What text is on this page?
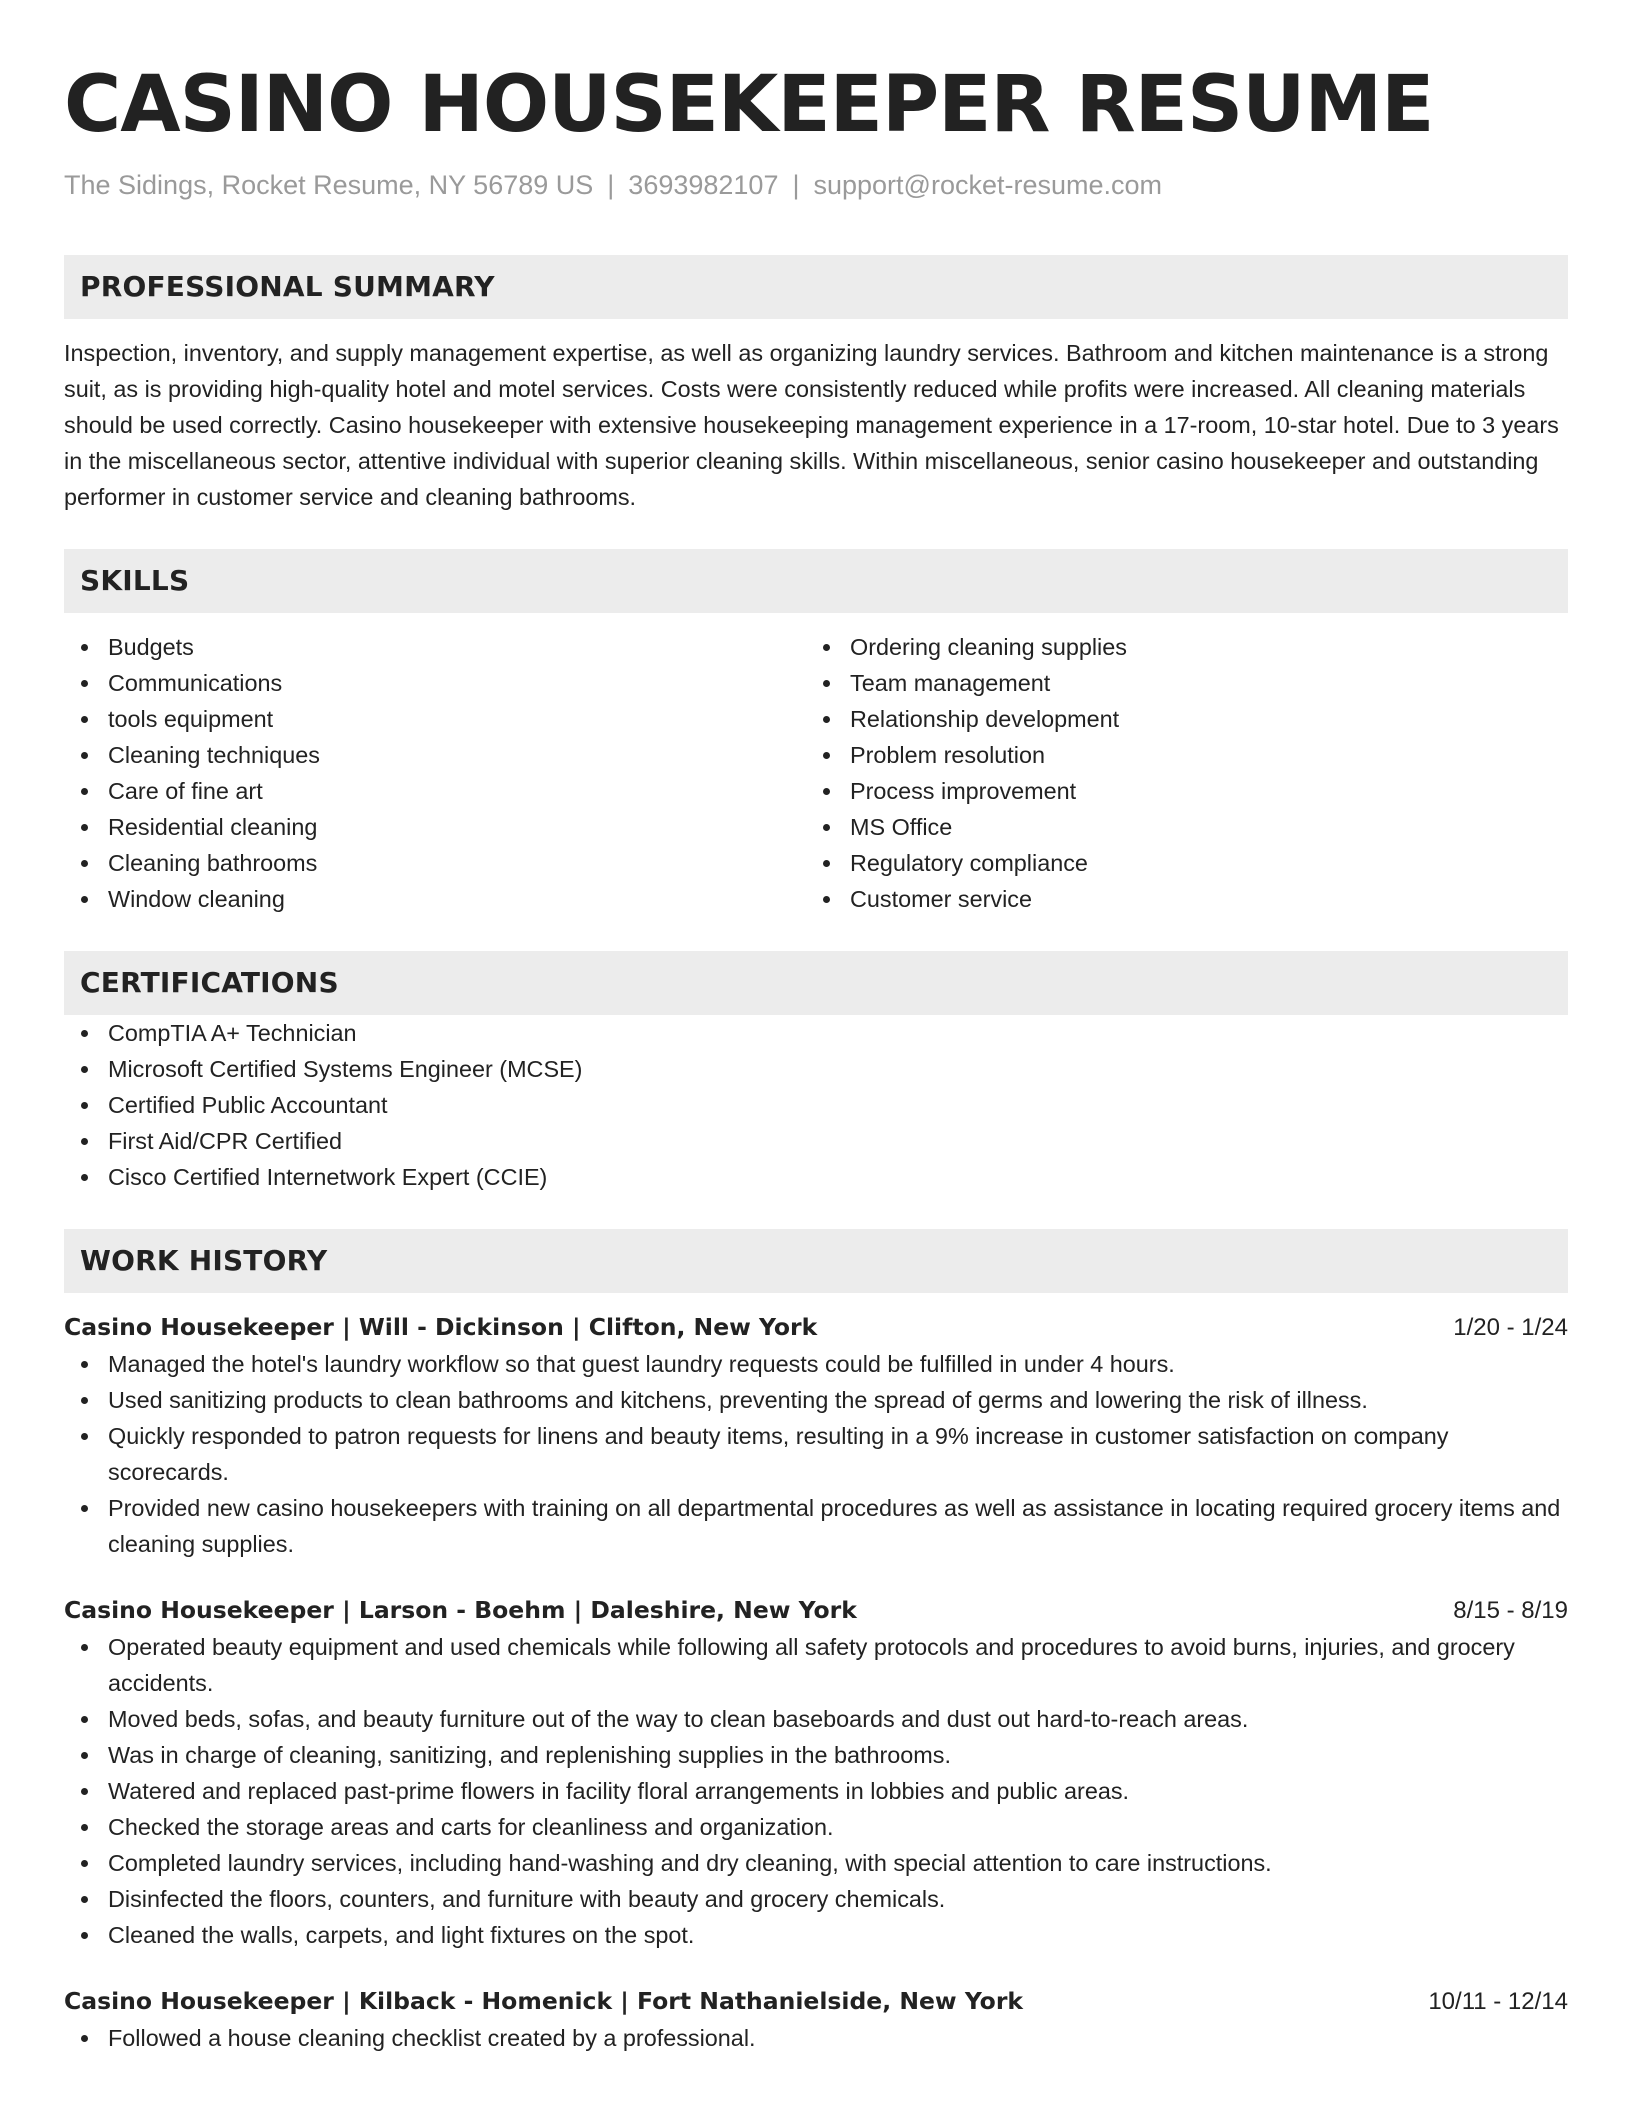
CASINO HOUSEKEEPER RESUME
The Sidings, Rocket Resume, NY 56789 US | 3693982107 | support@rocket-resume.com
PROFESSIONAL SUMMARY

Inspection, inventory, and supply management expertise, as well as organizing laundry services. Bathroom and kitchen maintenance is a strong suit, as is providing high-quality hotel and motel services. Costs were consistently reduced while profits were increased. All cleaning materials should be used correctly. Casino housekeeper with extensive housekeeping management experience in a 17-room, 10-star hotel. Due to 3 years in the miscellaneous sector, attentive individual with superior cleaning skills. Within miscellaneous, senior casino housekeeper and outstanding performer in customer service and cleaning bathrooms.

SKILLS
Budgets
Communications
tools equipment
Cleaning techniques
Care of fine art
Residential cleaning
Cleaning bathrooms
Window cleaning
Ordering cleaning supplies
Team management
Relationship development
Problem resolution
Process improvement
MS Office
Regulatory compliance
Customer service
CERTIFICATIONS
CompTIA A+ Technician
Microsoft Certified Systems Engineer (MCSE)
Certified Public Accountant
First Aid/CPR Certified
Cisco Certified Internetwork Expert (CCIE)
WORK HISTORY
Casino Housekeeper | Will - Dickinson | Clifton, New York	1/20 - 1/24
Managed the hotel's laundry workflow so that guest laundry requests could be fulfilled in under 4 hours.
Used sanitizing products to clean bathrooms and kitchens, preventing the spread of germs and lowering the risk of illness.
Quickly responded to patron requests for linens and beauty items, resulting in a 9% increase in customer satisfaction on company scorecards.
Provided new casino housekeepers with training on all departmental procedures as well as assistance in locating required grocery items and cleaning supplies.
Casino Housekeeper | Larson - Boehm | Daleshire, New York	8/15 - 8/19
Operated beauty equipment and used chemicals while following all safety protocols and procedures to avoid burns, injuries, and grocery accidents.
Moved beds, sofas, and beauty furniture out of the way to clean baseboards and dust out hard-to-reach areas.
Was in charge of cleaning, sanitizing, and replenishing supplies in the bathrooms.
Watered and replaced past-prime flowers in facility floral arrangements in lobbies and public areas.
Checked the storage areas and carts for cleanliness and organization.
Completed laundry services, including hand-washing and dry cleaning, with special attention to care instructions.
Disinfected the floors, counters, and furniture with beauty and grocery chemicals.
Cleaned the walls, carpets, and light fixtures on the spot.
Casino Housekeeper | Kilback - Homenick | Fort Nathanielside, New York	10/11 - 12/14
Followed a house cleaning checklist created by a professional.
